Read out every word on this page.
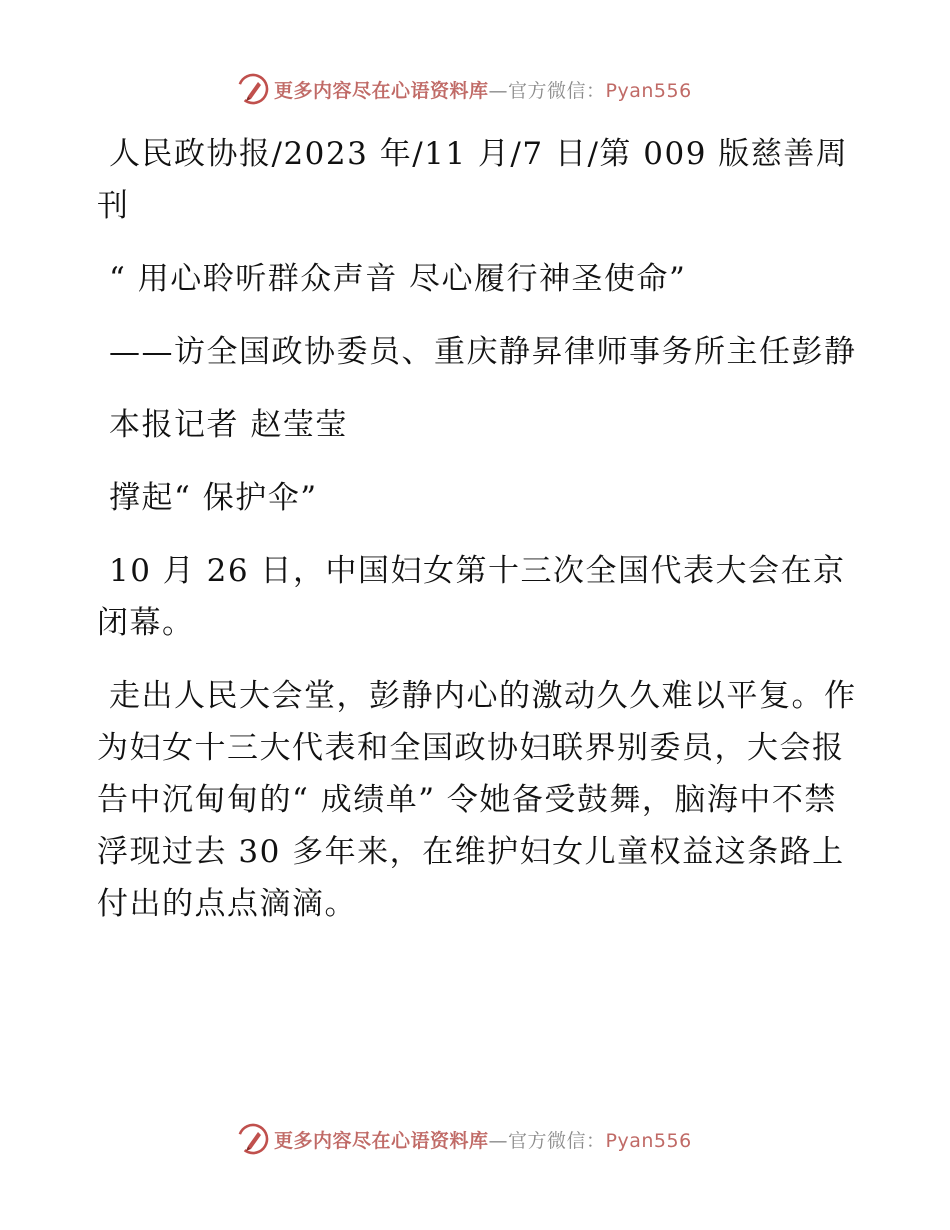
更多内容尽在心语资料库—官方微信：Pyan556

人民政协报/2023 年/11 月/7 日/第 009 版慈善周刊

“ 用心聆听群众声音 尽心履行神圣使命”

——访全国政协委员、重庆静昇律师事务所主任彭静

本报记者 赵莹莹

撑起“ 保护伞”

10 月 26 日，中国妇女第十三次全国代表大会在京闭幕。

走出人民大会堂，彭静内心的激动久久难以平复。作为妇女十三大代表和全国政协妇联界别委员，大会报告中沉甸甸的“ 成绩单” 令她备受鼓舞，脑海中不禁浮现过去 30 多年来，在维护妇女儿童权益这条路上付出的点点滴滴。

更多内容尽在心语资料库—官方微信：Pyan556
